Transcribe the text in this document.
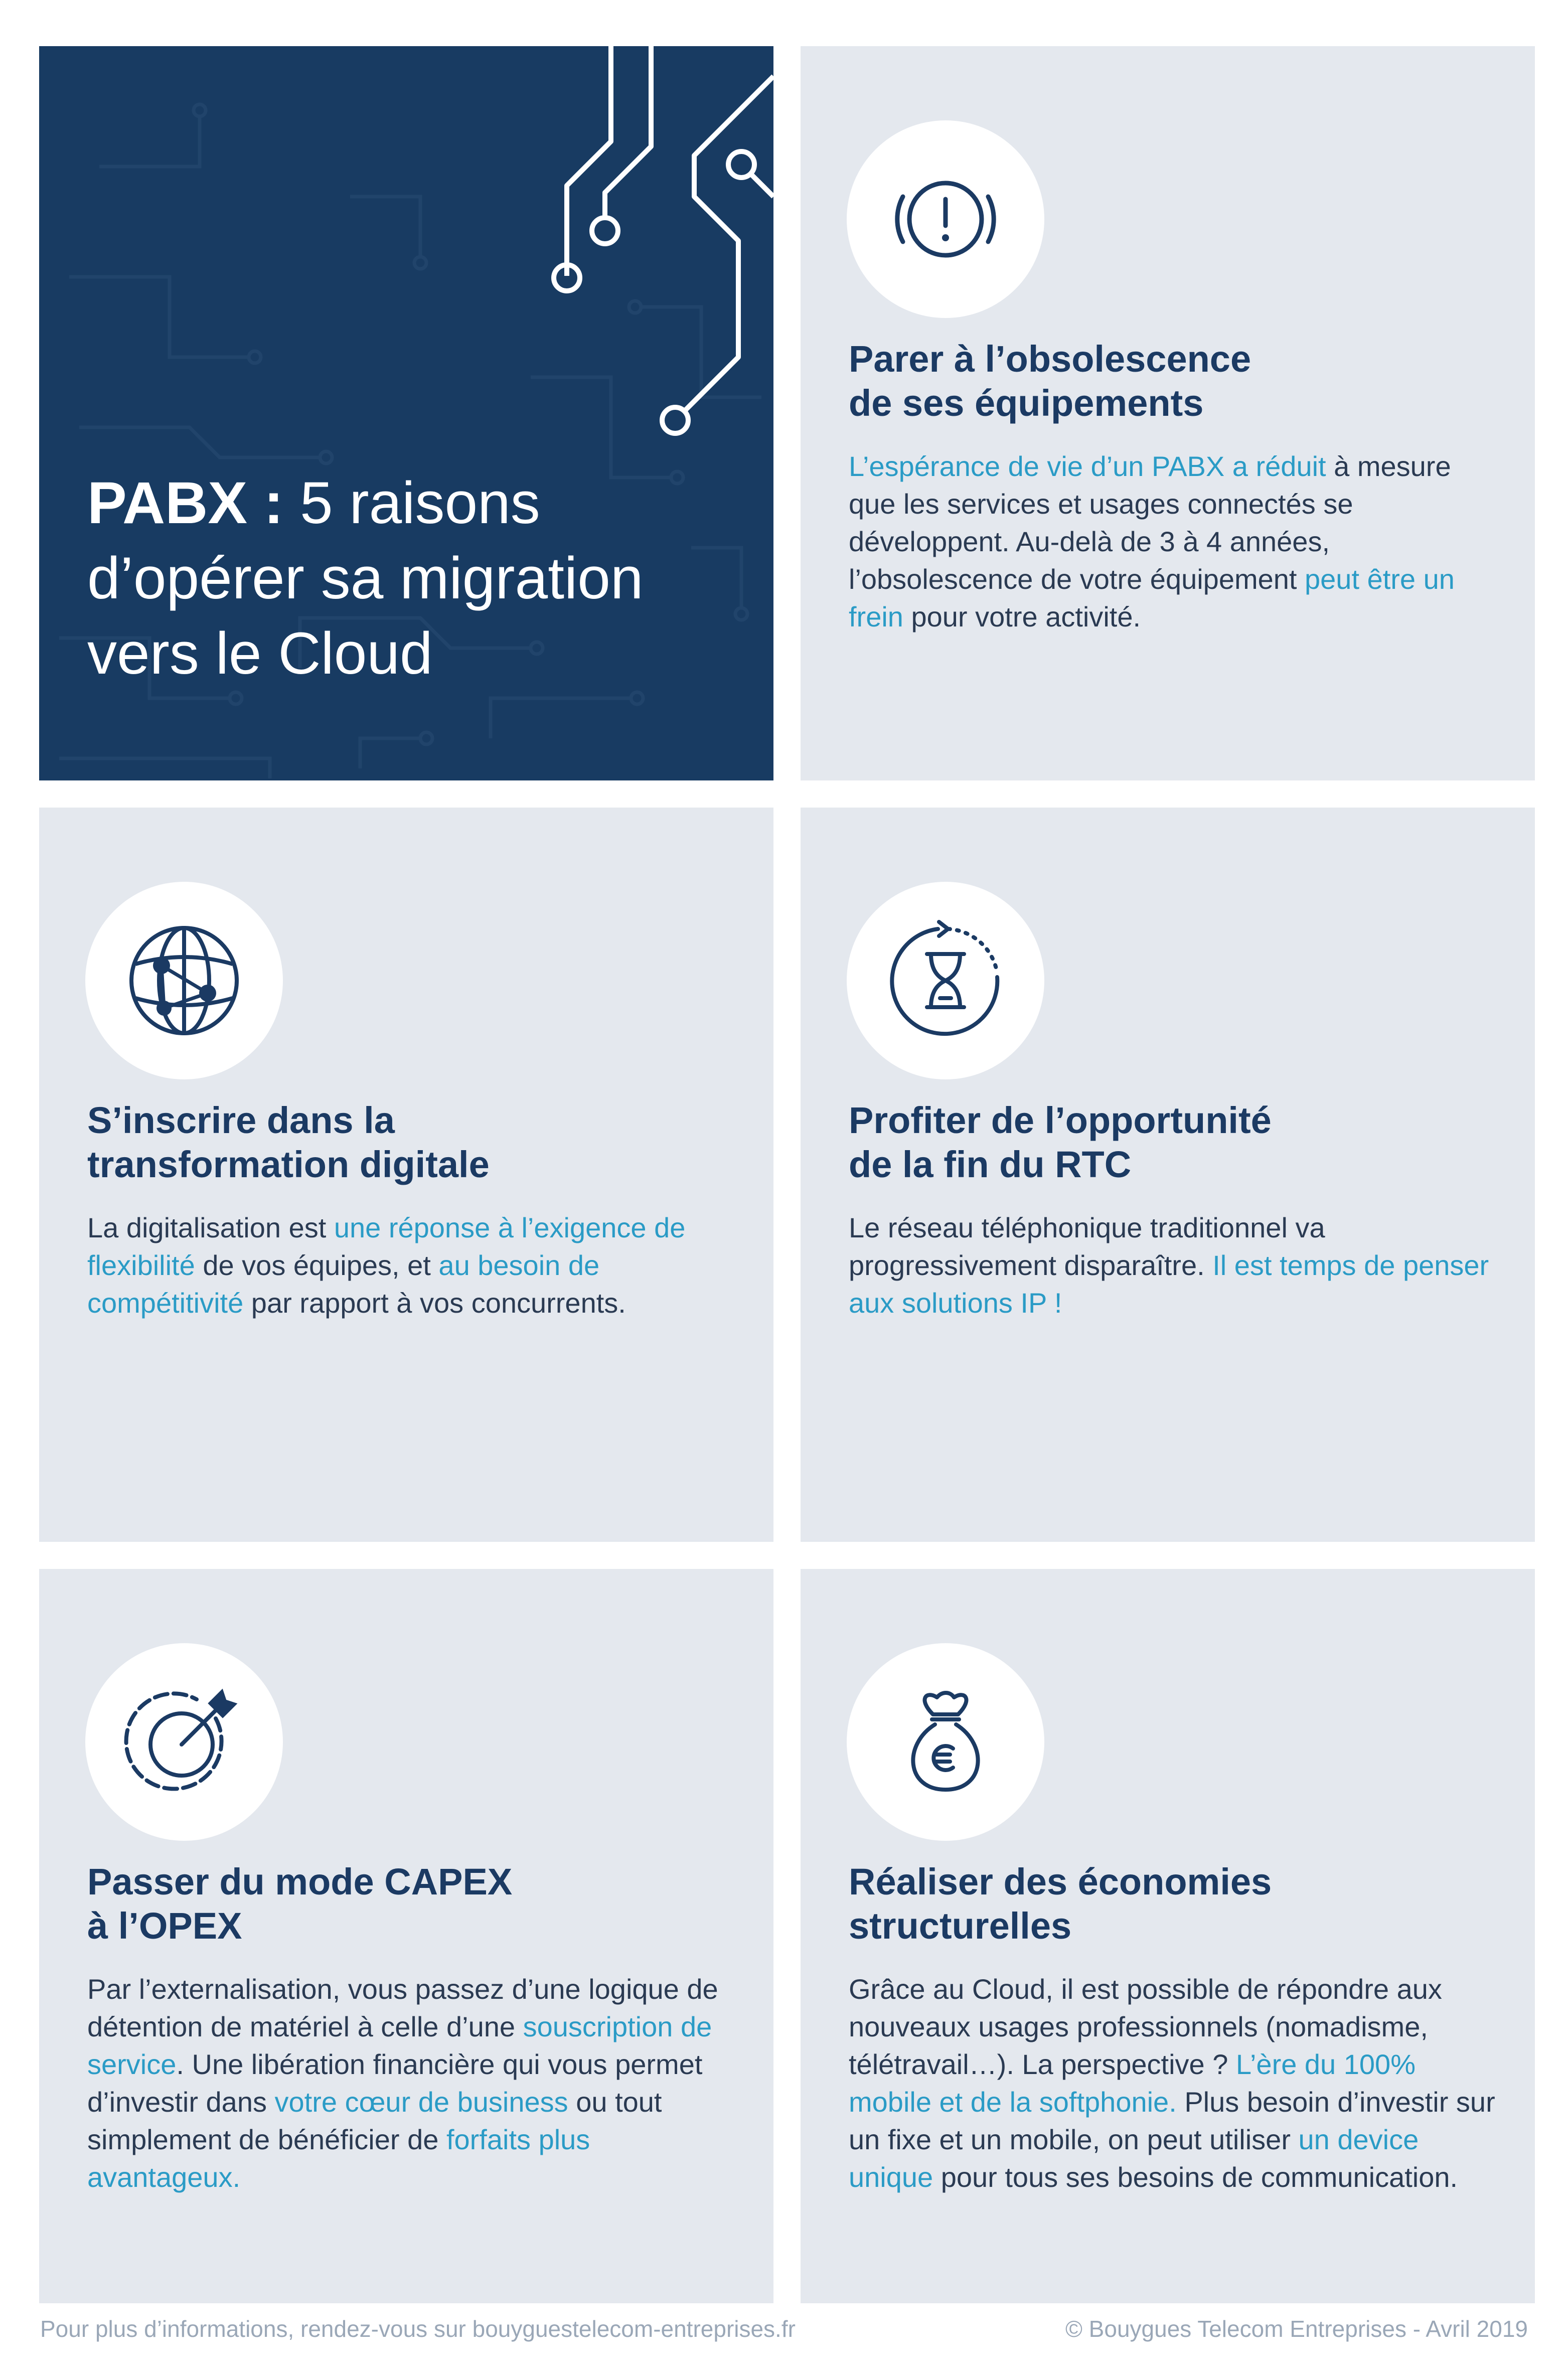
PABX : 5 raisons
d’opérer sa migration
vers le Cloud
Parer à l’obsolescence
de ses équipements

L’espérance de vie d’un PABX a réduit à mesure que les services et usages connectés se développent. Au-delà de 3 à 4 années, l’obsolescence de votre équipement peut être un frein pour votre activité.

S’inscrire dans la
transformation digitale

La digitalisation est une réponse à l’exigence de flexibilité de vos équipes, et au besoin de compétitivité par rapport à vos concurrents.

Profiter de l’opportunité
de la fin du RTC

Le réseau téléphonique traditionnel va progressivement disparaître. Il est temps de penser aux solutions IP !

Passer du mode CAPEX
à l’OPEX

Par l’externalisation, vous passez d’une logique de détention de matériel à celle d’une souscription de service. Une libération financière qui vous permet d’investir dans votre cœur de business ou tout simplement de bénéficier de forfaits plus avantageux.

Réaliser des économies
structurelles

Grâce au Cloud, il est possible de répondre aux nouveaux usages professionnels (nomadisme, télétravail…). La perspective ? L’ère du 100% mobile et de la softphonie. Plus besoin d’investir sur un fixe et un mobile, on peut utiliser un device unique pour tous ses besoins de communication.

Pour plus d’informations, rendez-vous sur bouyguestelecom-entreprises.fr	© Bouygues Telecom Entreprises - Avril 2019
